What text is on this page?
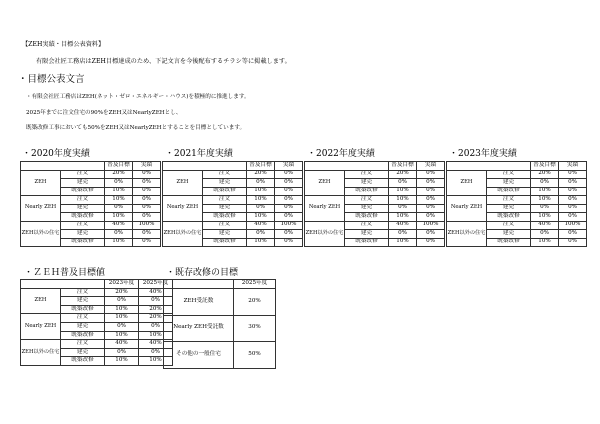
【ZEH実績・目標公表資料】
有限会社匠工務店はZEH目標達成のため、下記文言を今後配布するチラシ等に掲載します。
・目標公表文言
・有限会社匠工務店はZEH(ネット・ゼロ・エネルギー・ハウス)を積極的に推進します。
2025年までに注文住宅の90%をZEH又はNearlyZEHとし、
既築改修工事においても50%をZEH又はNearlyZEHとすることを目標としています。
・2020年度実績
		普及目標	実績
ZEH	注文	20%	0%
	建売	0%	0%
	既築改修	10%	0%
Nearly ZEH	注文	10%	0%
	建売	0%	0%
	既築改修	10%	0%
ZEH以外の住宅	注文	40%	100%
	建売	0%	0%
	既築改修	10%	0%
・2021年度実績
		普及目標	実績
ZEH	注文	20%	0%
	建売	0%	0%
	既築改修	10%	0%
Nearly ZEH	注文	10%	0%
	建売	0%	0%
	既築改修	10%	0%
ZEH以外の住宅	注文	40%	100%
	建売	0%	0%
	既築改修	10%	0%
・2022年度実績
		普及目標	実績
ZEH	注文	20%	0%
	建売	0%	0%
	既築改修	10%	0%
Nearly ZEH	注文	10%	0%
	建売	0%	0%
	既築改修	10%	0%
ZEH以外の住宅	注文	40%	100%
	建売	0%	0%
	既築改修	10%	0%
・2023年度実績
		普及目標	実績
ZEH	注文	20%	0%
	建売	0%	0%
	既築改修	10%	0%
Nearly ZEH	注文	10%	0%
	建売	0%	0%
	既築改修	10%	0%
ZEH以外の住宅	注文	40%	100%
	建売	0%	0%
	既築改修	10%	0%
・ＺＥＨ普及目標値
		2023年度	2025年度
ZEH	注文	20%	40%
	建売	0%	0%
	既築改修	10%	20%
Nearly ZEH	注文	10%	20%
	建売	0%	0%
	既築改修	10%	10%
ZEH以外の住宅	注文	40%	40%
	建売	0%	0%
	既築改修	10%	10%
・既存改修の目標
	2025年度
ZEH受託数	20%
Nearly ZEH受託数	30%
その他の一般住宅	50%
